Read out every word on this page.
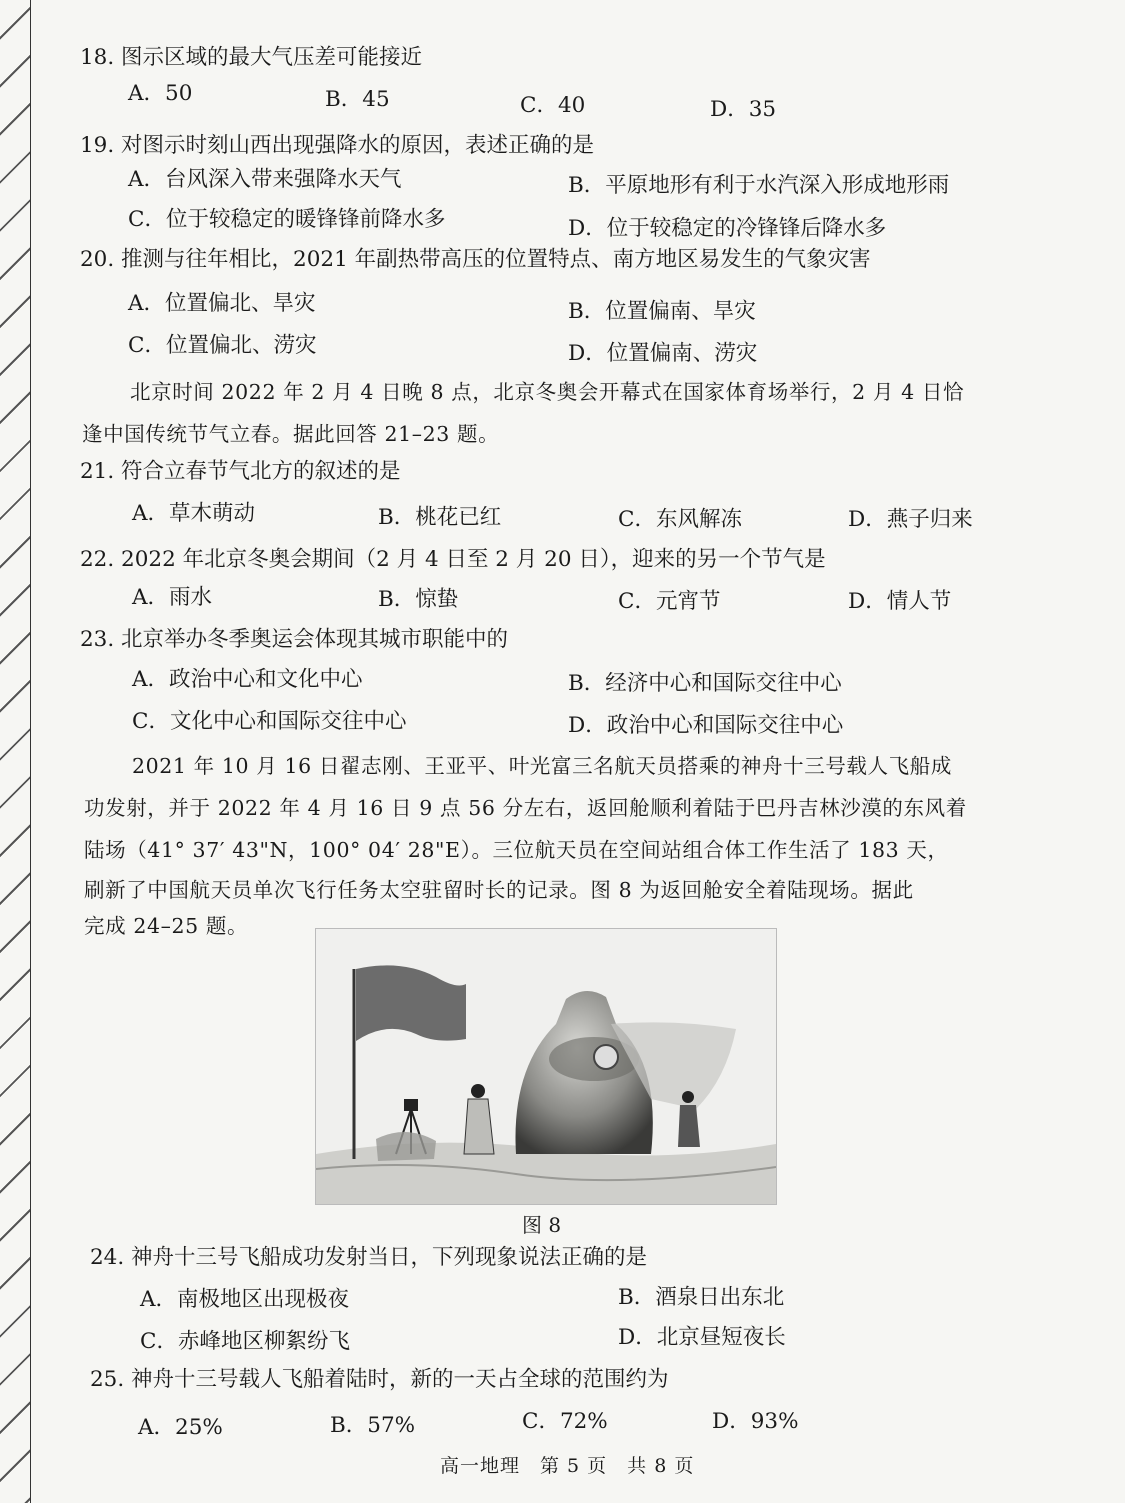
18. 图示区域的最大气压差可能接近
A．50	B．45	C．40	D．35
19. 对图示时刻山西出现强降水的原因，表述正确的是
A．台风深入带来强降水天气	B．平原地形有利于水汽深入形成地形雨
C．位于较稳定的暖锋锋前降水多	D．位于较稳定的冷锋锋后降水多
20. 推测与往年相比，2021 年副热带高压的位置特点、南方地区易发生的气象灾害
A．位置偏北、旱灾	B．位置偏南、旱灾
C．位置偏北、涝灾	D．位置偏南、涝灾
北京时间 2022 年 2 月 4 日晚 8 点，北京冬奥会开幕式在国家体育场举行，2 月 4 日恰
逢中国传统节气立春。据此回答 21–23 题。
21. 符合立春节气北方的叙述的是
A．草木萌动	B．桃花已红	C．东风解冻	D．燕子归来
22. 2022 年北京冬奥会期间（2 月 4 日至 2 月 20 日），迎来的另一个节气是
A．雨水	B．惊蛰	C．元宵节	D．情人节
23. 北京举办冬季奥运会体现其城市职能中的
A．政治中心和文化中心	B．经济中心和国际交往中心
C．文化中心和国际交往中心	D．政治中心和国际交往中心
2021 年 10 月 16 日翟志刚、王亚平、叶光富三名航天员搭乘的神舟十三号载人飞船成
功发射，并于 2022 年 4 月 16 日 9 点 56 分左右，返回舱顺利着陆于巴丹吉林沙漠的东风着
陆场（41° 37′ 43"N，100° 04′ 28"E）。三位航天员在空间站组合体工作生活了 183 天，
刷新了中国航天员单次飞行任务太空驻留时长的记录。图 8 为返回舱安全着陆现场。据此
完成 24–25 题。
图 8
24. 神舟十三号飞船成功发射当日，下列现象说法正确的是
A．南极地区出现极夜	B．酒泉日出东北
C．赤峰地区柳絮纷飞	D．北京昼短夜长
25. 神舟十三号载人飞船着陆时，新的一天占全球的范围约为
A．25%	B．57%	C．72%	D．93%
高一地理　第 5 页　共 8 页
